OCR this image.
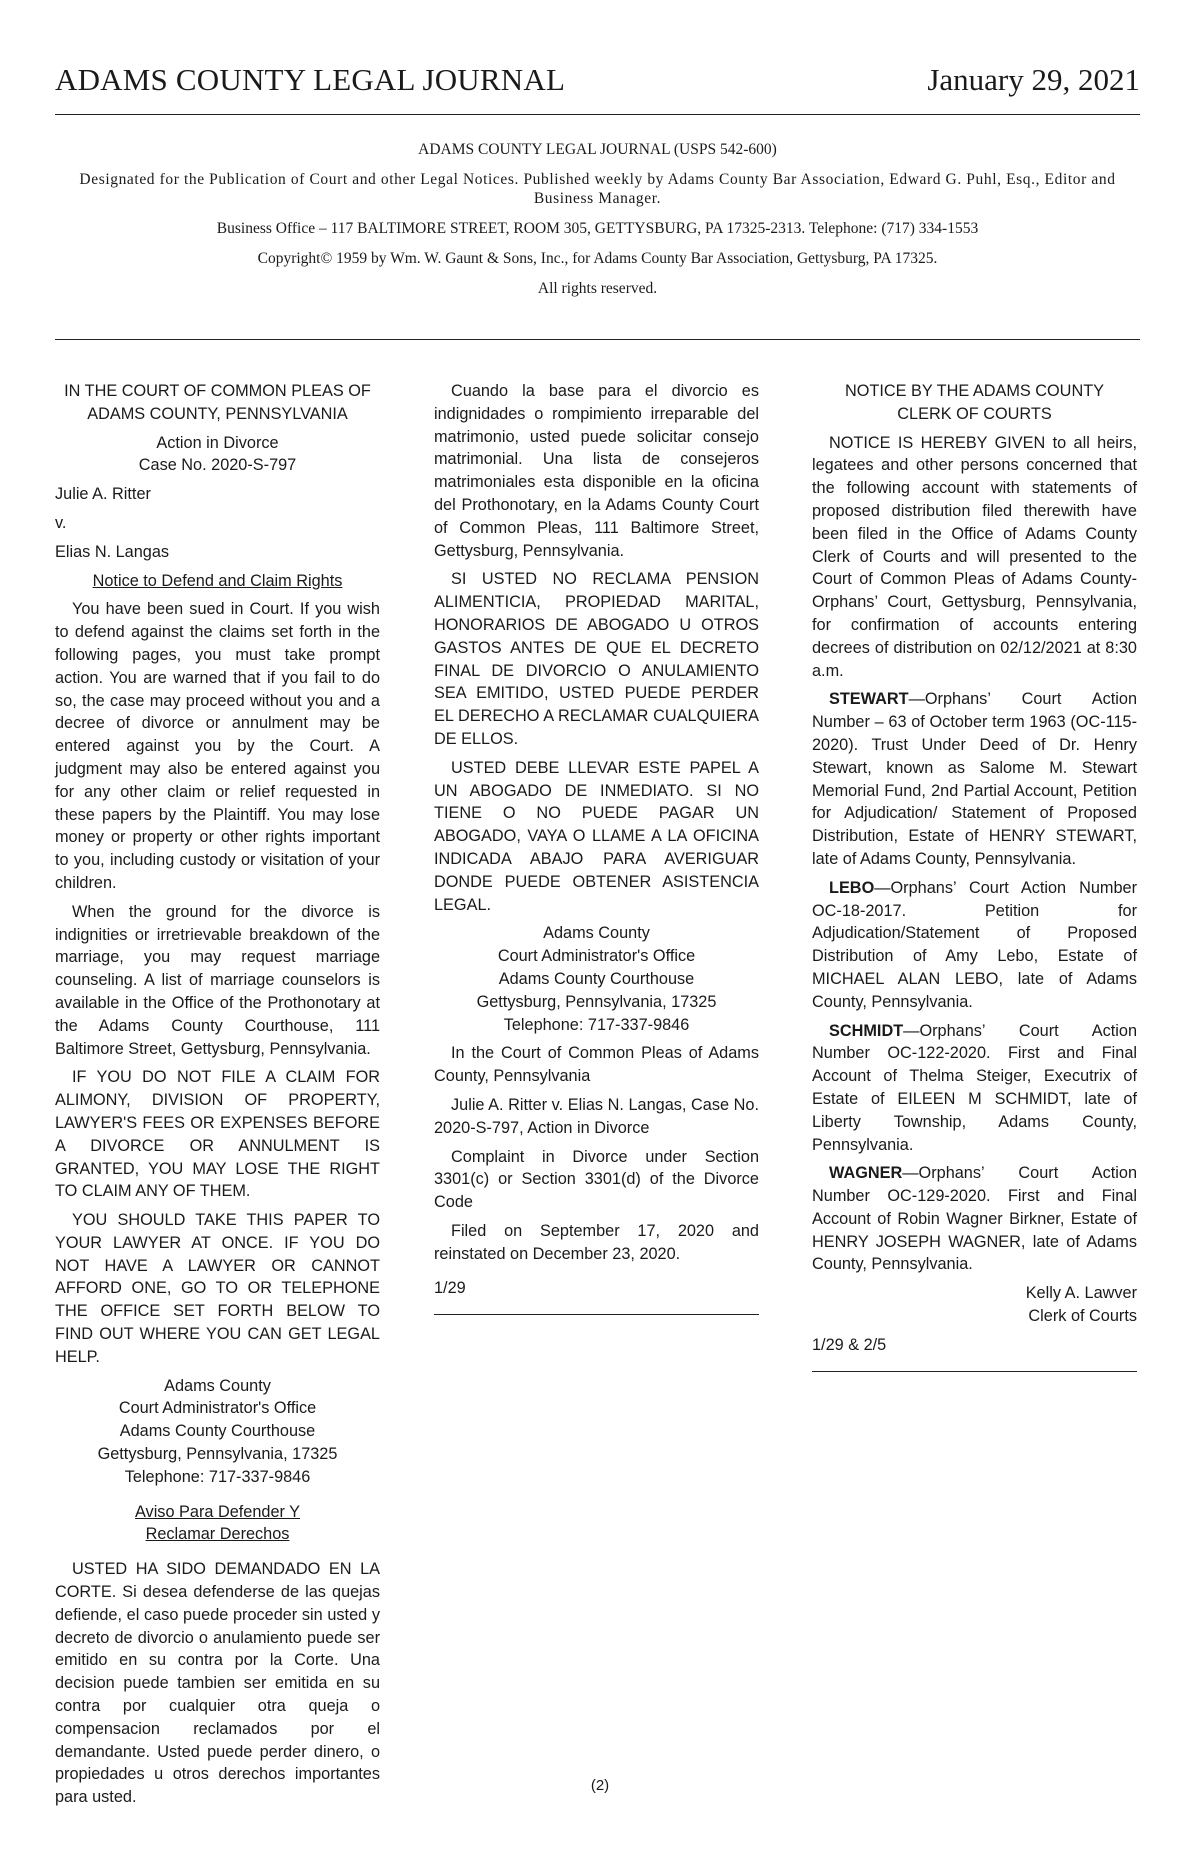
ADAMS COUNTY LEGAL JOURNAL	January 29, 2021

ADAMS COUNTY LEGAL JOURNAL (USPS 542-600)

Designated for the Publication of Court and other Legal Notices. Published weekly by Adams County Bar Association, Edward G. Puhl, Esq., Editor and Business Manager.

Business Office – 117 BALTIMORE STREET, ROOM 305, GETTYSBURG, PA 17325-2313. Telephone: (717) 334-1553

Copyright© 1959 by Wm. W. Gaunt & Sons, Inc., for Adams County Bar Association, Gettysburg, PA 17325.

All rights reserved.

IN THE COURT OF COMMON PLEAS OF ADAMS COUNTY, PENNSYLVANIA

Action in Divorce
Case No. 2020-S-797

Julie A. Ritter

v.

Elias N. Langas

Notice to Defend and Claim Rights

You have been sued in Court. If you wish to defend against the claims set forth in the following pages, you must take prompt action. You are warned that if you fail to do so, the case may proceed without you and a decree of divorce or annulment may be entered against you by the Court. A judgment may also be entered against you for any other claim or relief requested in these papers by the Plaintiff. You may lose money or property or other rights important to you, including custody or visitation of your children.

When the ground for the divorce is indignities or irretrievable breakdown of the marriage, you may request marriage counseling. A list of marriage counselors is available in the Office of the Prothonotary at the Adams County Courthouse, 111 Baltimore Street, Gettysburg, Pennsylvania.

IF YOU DO NOT FILE A CLAIM FOR ALIMONY, DIVISION OF PROPERTY, LAWYER'S FEES OR EXPENSES BEFORE A DIVORCE OR ANNULMENT IS GRANTED, YOU MAY LOSE THE RIGHT TO CLAIM ANY OF THEM.

YOU SHOULD TAKE THIS PAPER TO YOUR LAWYER AT ONCE. IF YOU DO NOT HAVE A LAWYER OR CANNOT AFFORD ONE, GO TO OR TELEPHONE THE OFFICE SET FORTH BELOW TO FIND OUT WHERE YOU CAN GET LEGAL HELP.

Adams County
Court Administrator's Office
Adams County Courthouse
Gettysburg, Pennsylvania, 17325
Telephone: 717-337-9846

Aviso Para Defender Y
Reclamar Derechos

USTED HA SIDO DEMANDADO EN LA CORTE. Si desea defenderse de las quejas defiende, el caso puede proceder sin usted y decreto de divorcio o anulamiento puede ser emitido en su contra por la Corte. Una decision puede tambien ser emitida en su contra por cualquier otra queja o compensacion reclamados por el demandante. Usted puede perder dinero, o propiedades u otros derechos importantes para usted.

Cuando la base para el divorcio es indignidades o rompimiento irreparable del matrimonio, usted puede solicitar consejo matrimonial. Una lista de consejeros matrimoniales esta disponible en la oficina del Prothonotary, en la Adams County Court of Common Pleas, 111 Baltimore Street, Gettysburg, Pennsylvania.

SI USTED NO RECLAMA PENSION ALIMENTICIA, PROPIEDAD MARITAL, HONORARIOS DE ABOGADO U OTROS GASTOS ANTES DE QUE EL DECRETO FINAL DE DIVORCIO O ANULAMIENTO SEA EMITIDO, USTED PUEDE PERDER EL DERECHO A RECLAMAR CUALQUIERA DE ELLOS.

USTED DEBE LLEVAR ESTE PAPEL A UN ABOGADO DE INMEDIATO. SI NO TIENE O NO PUEDE PAGAR UN ABOGADO, VAYA O LLAME A LA OFICINA INDICADA ABAJO PARA AVERIGUAR DONDE PUEDE OBTENER ASISTENCIA LEGAL.

Adams County
Court Administrator's Office
Adams County Courthouse
Gettysburg, Pennsylvania, 17325
Telephone: 717-337-9846

In the Court of Common Pleas of Adams County, Pennsylvania

Julie A. Ritter v. Elias N. Langas, Case No. 2020-S-797, Action in Divorce

Complaint in Divorce under Section 3301(c) or Section 3301(d) of the Divorce Code

Filed on September 17, 2020 and reinstated on December 23, 2020.

1/29

NOTICE BY THE ADAMS COUNTY
CLERK OF COURTS

NOTICE IS HEREBY GIVEN to all heirs, legatees and other persons concerned that the following account with statements of proposed distribution filed therewith have been filed in the Office of Adams County Clerk of Courts and will presented to the Court of Common Pleas of Adams County-Orphans’ Court, Gettysburg, Pennsylvania, for confirmation of accounts entering decrees of distribution on 02/12/2021 at 8:30 a.m.

STEWART—Orphans’ Court Action Number – 63 of October term 1963 (OC-115-2020). Trust Under Deed of Dr. Henry Stewart, known as Salome M. Stewart Memorial Fund, 2nd Partial Account, Petition for Adjudication/ Statement of Proposed Distribution, Estate of HENRY STEWART, late of Adams County, Pennsylvania.

LEBO—Orphans’ Court Action Number OC-18-2017. Petition for Adjudication/Statement of Proposed Distribution of Amy Lebo, Estate of MICHAEL ALAN LEBO, late of Adams County, Pennsylvania.

SCHMIDT—Orphans’ Court Action Number OC-122-2020. First and Final Account of Thelma Steiger, Executrix of Estate of EILEEN M SCHMIDT, late of Liberty Township, Adams County, Pennsylvania.

WAGNER—Orphans’ Court Action Number OC-129-2020. First and Final Account of Robin Wagner Birkner, Estate of HENRY JOSEPH WAGNER, late of Adams County, Pennsylvania.

Kelly A. Lawver
Clerk of Courts

1/29 & 2/5

(2)
